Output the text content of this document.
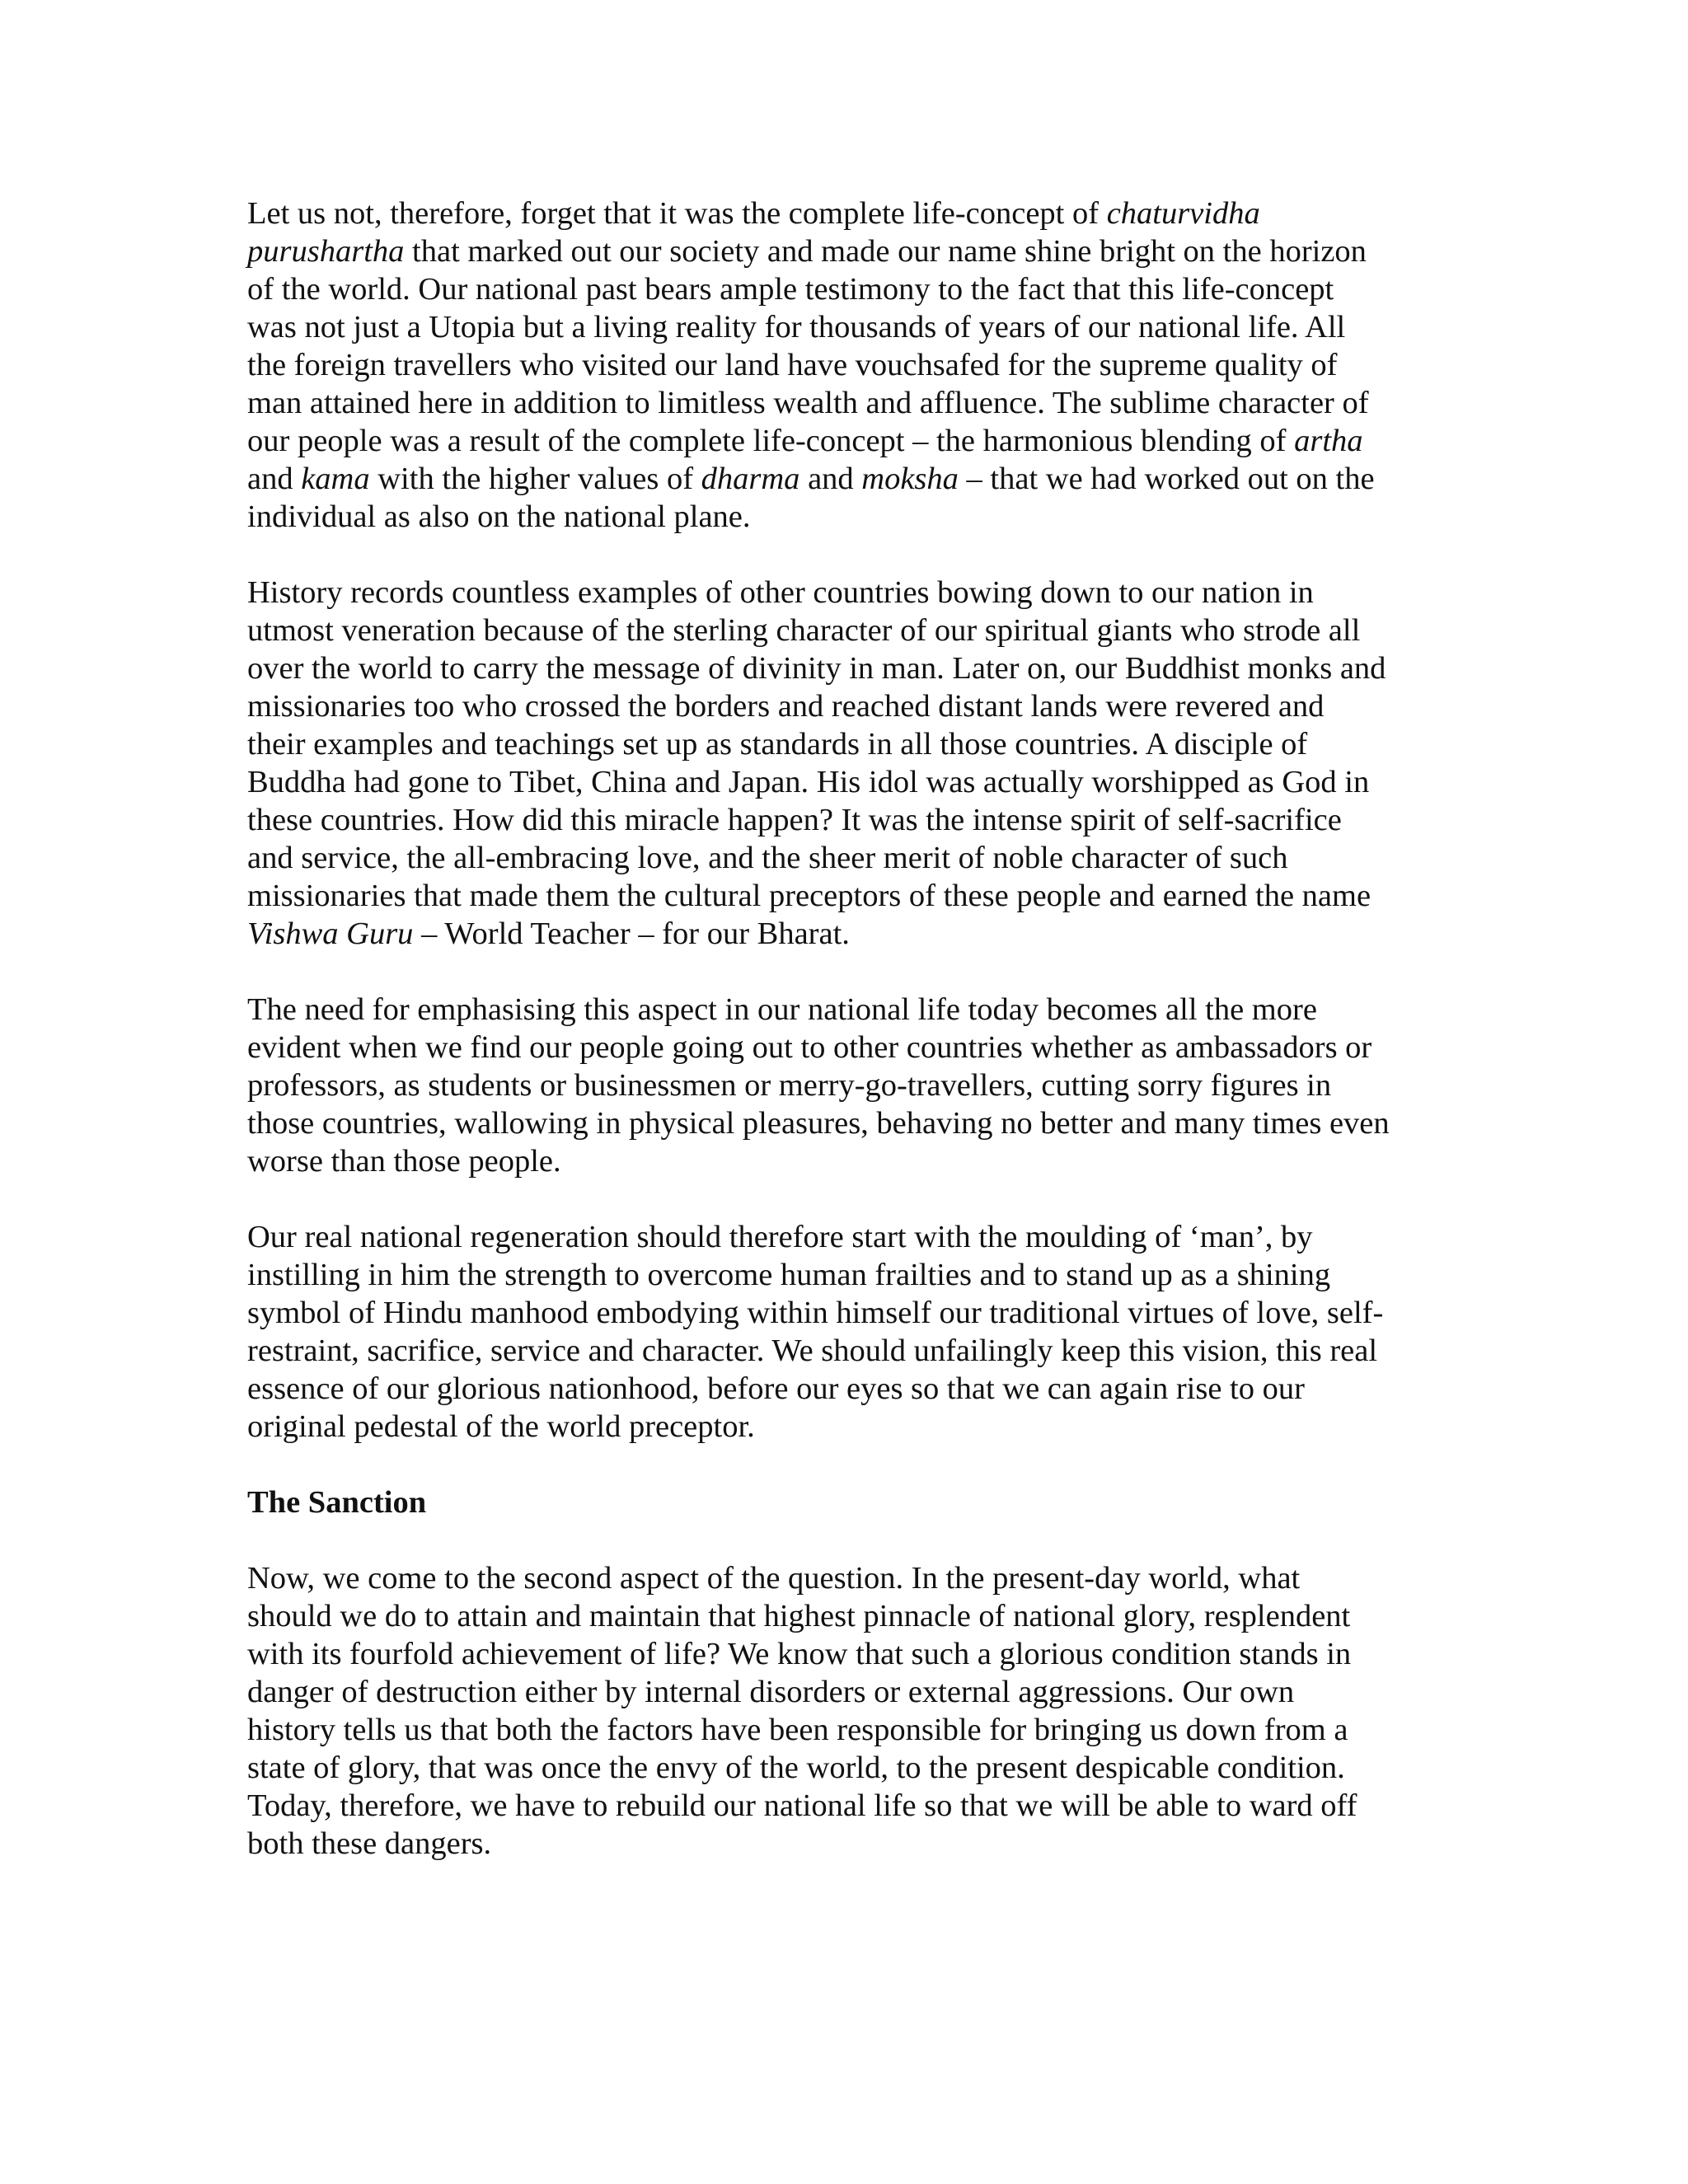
Let us not, therefore, forget that it was the complete life-concept of chaturvidha
purushartha that marked out our society and made our name shine bright on the horizon
of the world. Our national past bears ample testimony to the fact that this life-concept
was not just a Utopia but a living reality for thousands of years of our national life. All
the foreign travellers who visited our land have vouchsafed for the supreme quality of
man attained here in addition to limitless wealth and affluence. The sublime character of
our people was a result of the complete life-concept – the harmonious blending of artha
and kama with the higher values of dharma and moksha – that we had worked out on the
individual as also on the national plane.

History records countless examples of other countries bowing down to our nation in
utmost veneration because of the sterling character of our spiritual giants who strode all
over the world to carry the message of divinity in man. Later on, our Buddhist monks and
missionaries too who crossed the borders and reached distant lands were revered and
their examples and teachings set up as standards in all those countries. A disciple of
Buddha had gone to Tibet, China and Japan. His idol was actually worshipped as God in
these countries. How did this miracle happen? It was the intense spirit of self-sacrifice
and service, the all-embracing love, and the sheer merit of noble character of such
missionaries that made them the cultural preceptors of these people and earned the name
Vishwa Guru – World Teacher – for our Bharat.

The need for emphasising this aspect in our national life today becomes all the more
evident when we find our people going out to other countries whether as ambassadors or
professors, as students or businessmen or merry-go-travellers, cutting sorry figures in
those countries, wallowing in physical pleasures, behaving no better and many times even
worse than those people.

Our real national regeneration should therefore start with the moulding of ‘man’, by
instilling in him the strength to overcome human frailties and to stand up as a shining
symbol of Hindu manhood embodying within himself our traditional virtues of love, self-
restraint, sacrifice, service and character. We should unfailingly keep this vision, this real
essence of our glorious nationhood, before our eyes so that we can again rise to our
original pedestal of the world preceptor.

The Sanction

Now, we come to the second aspect of the question. In the present-day world, what
should we do to attain and maintain that highest pinnacle of national glory, resplendent
with its fourfold achievement of life? We know that such a glorious condition stands in
danger of destruction either by internal disorders or external aggressions. Our own
history tells us that both the factors have been responsible for bringing us down from a
state of glory, that was once the envy of the world, to the present despicable condition.
Today, therefore, we have to rebuild our national life so that we will be able to ward off
both these dangers.
